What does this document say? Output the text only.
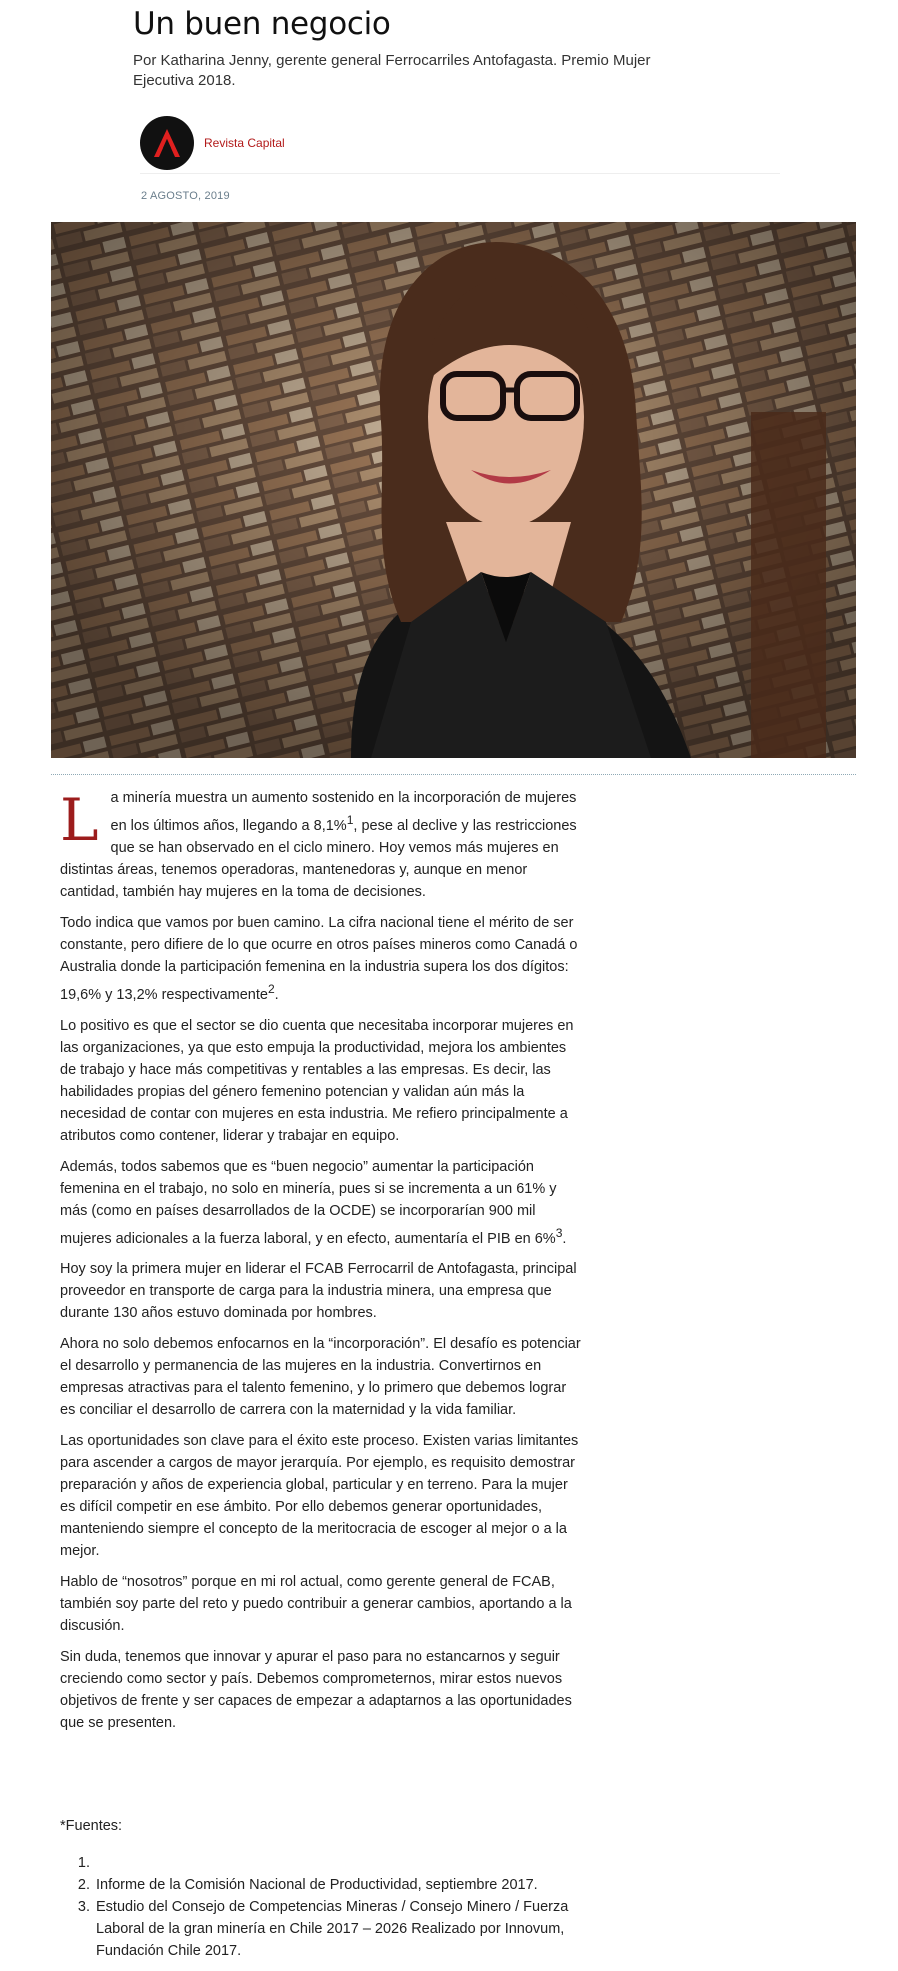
Un buen negocio

Por Katharina Jenny, gerente general Ferrocarriles Antofagasta. Premio Mujer Ejecutiva 2018.

Revista Capital
2 AGOSTO, 2019

La minería muestra un aumento sostenido en la incorporación de mujeres en los últimos años, llegando a 8,1%$^1$, pese al declive y las restricciones que se han observado en el ciclo minero. Hoy vemos más mujeres en distintas áreas, tenemos operadoras, mantenedoras y, aunque en menor cantidad, también hay mujeres en la toma de decisiones.

Todo indica que vamos por buen camino. La cifra nacional tiene el mérito de ser constante, pero difiere de lo que ocurre en otros países mineros como Canadá o Australia donde la participación femenina en la industria supera los dos dígitos: 19,6% y 13,2% respectivamente$^2$.

Lo positivo es que el sector se dio cuenta que necesitaba incorporar mujeres en las organizaciones, ya que esto empuja la productividad, mejora los ambientes de trabajo y hace más competitivas y rentables a las empresas. Es decir, las habilidades propias del género femenino potencian y validan aún más la necesidad de contar con mujeres en esta industria. Me refiero principalmente a atributos como contener, liderar y trabajar en equipo.

Además, todos sabemos que es “buen negocio” aumentar la participación femenina en el trabajo, no solo en minería, pues si se incrementa a un 61% y más (como en países desarrollados de la OCDE) se incorporarían 900 mil mujeres adicionales a la fuerza laboral, y en efecto, aumentaría el PIB en 6%$^3$.

Hoy soy la primera mujer en liderar el FCAB Ferrocarril de Antofagasta, principal proveedor en transporte de carga para la industria minera, una empresa que durante 130 años estuvo dominada por hombres.

Ahora no solo debemos enfocarnos en la “incorporación”. El desafío es potenciar el desarrollo y permanencia de las mujeres en la industria. Convertirnos en empresas atractivas para el talento femenino, y lo primero que debemos lograr es conciliar el desarrollo de carrera con la maternidad y la vida familiar.

Las oportunidades son clave para el éxito este proceso. Existen varias limitantes para ascender a cargos de mayor jerarquía. Por ejemplo, es requisito demostrar preparación y años de experiencia global, particular y en terreno. Para la mujer es difícil competir en ese ámbito. Por ello debemos generar oportunidades, manteniendo siempre el concepto de la meritocracia de escoger al mejor o a la mejor.

Hablo de “nosotros” porque en mi rol actual, como gerente general de FCAB, también soy parte del reto y puedo contribuir a generar cambios, aportando a la discusión.

Sin duda, tenemos que innovar y apurar el paso para no estancarnos y seguir creciendo como sector y país. Debemos comprometernos, mirar estos nuevos objetivos de frente y ser capaces de empezar a adaptarnos a las oportunidades que se presenten.

*Fuentes:
1.
2. Informe de la Comisión Nacional de Productividad, septiembre 2017.
3. Estudio del Consejo de Competencias Mineras / Consejo Minero / Fuerza Laboral de la gran minería en Chile 2017 – 2026 Realizado por Innovum, Fundación Chile 2017.
